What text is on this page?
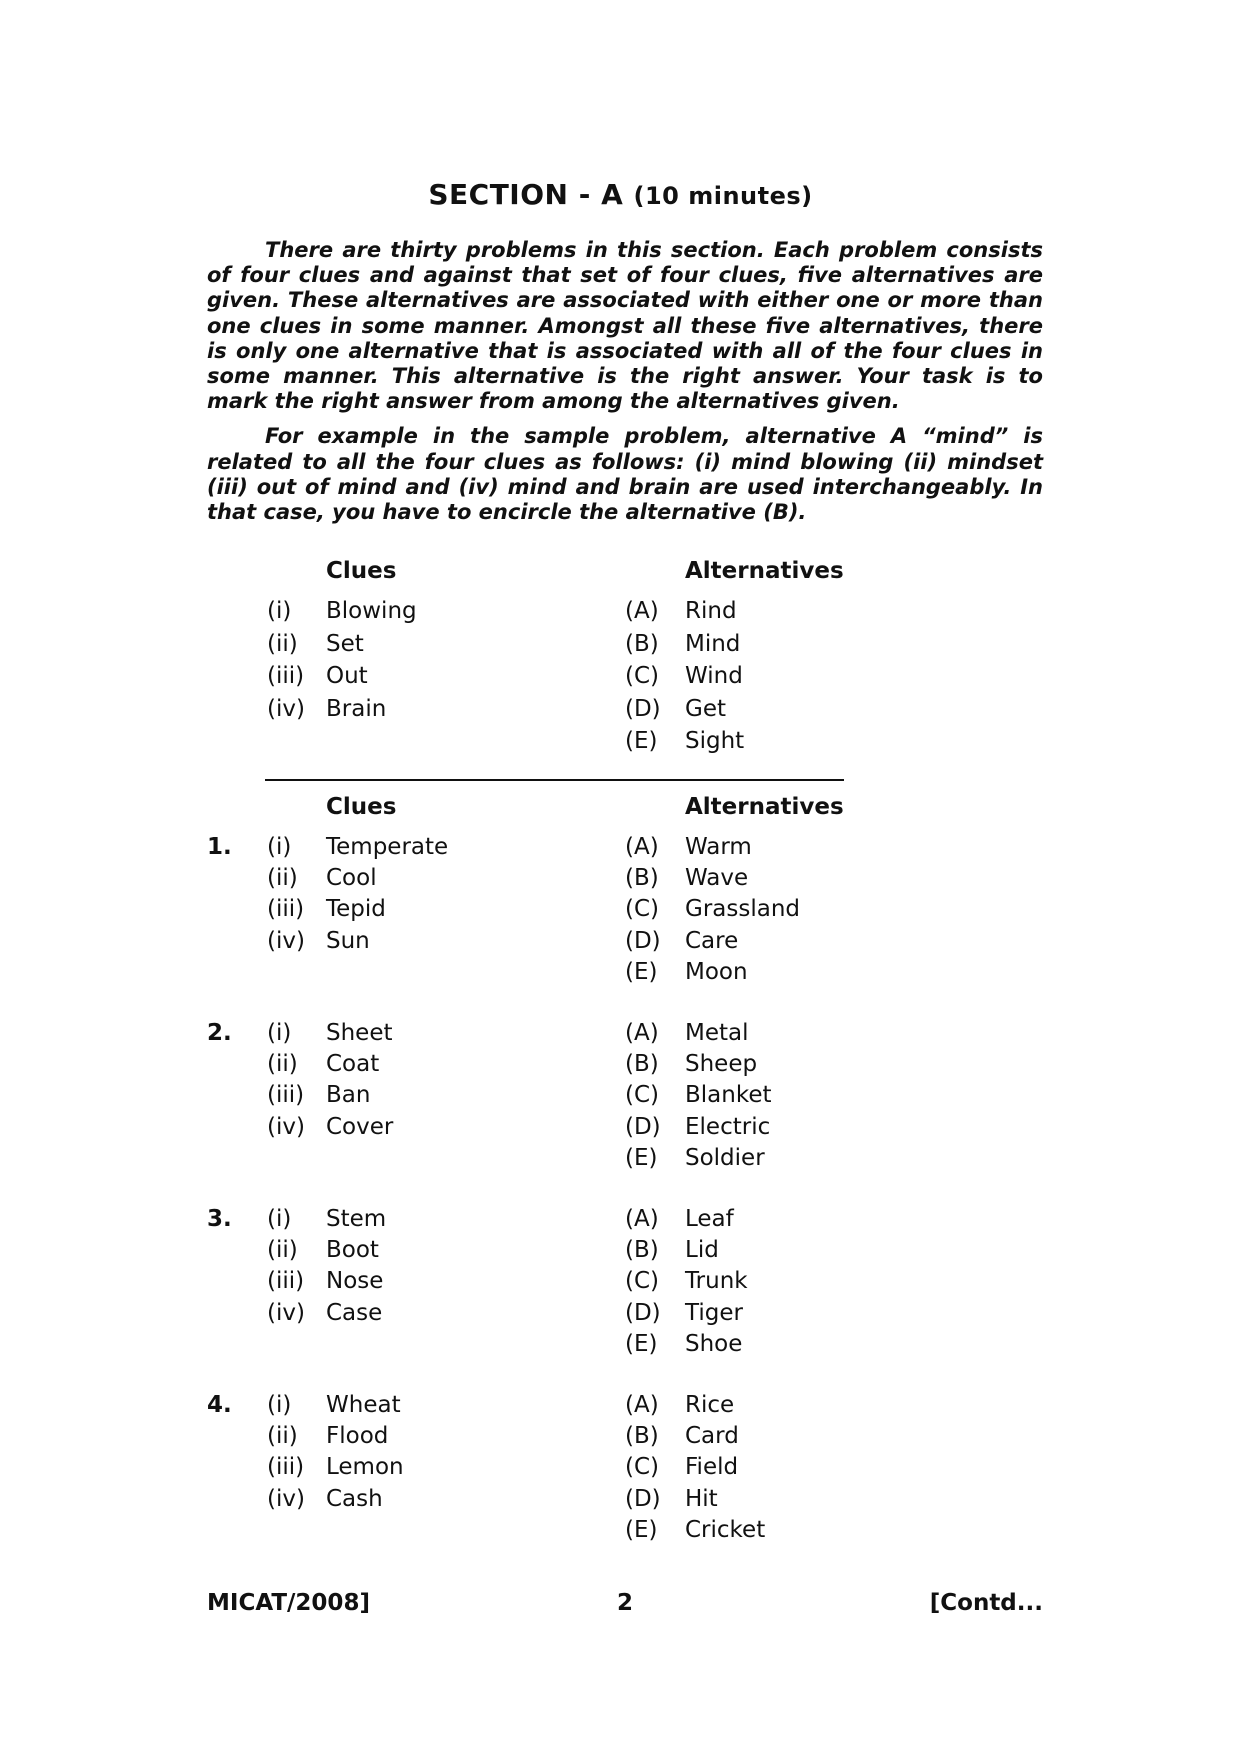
SECTION - A (10 minutes)

There are thirty problems in this section. Each problem consists of four clues and against that set of four clues, five alternatives are given. These alternatives are associated with either one or more than one clues in some manner. Amongst all these five alternatives, there is only one alternative that is associated with all of the four clues in some manner. This alternative is the right answer. Your task is to mark the right answer from among the alternatives given.

For example in the sample problem, alternative A “mind” is related to all the four clues as follows: (i) mind blowing (ii) mindset (iii) out of mind and (iv) mind and brain are used interchangeably. In that case, you have to encircle the alternative (B).

Clues	Alternatives
(i) Blowing	(A) Rind
(ii) Set	(B) Mind
(iii) Out	(C) Wind
(iv) Brain	(D) Get
(E) Sight
Clues	Alternatives
1. (i) Temperate	(A) Warm
(ii) Cool	(B) Wave
(iii) Tepid	(C) Grassland
(iv) Sun	(D) Care
(E) Moon
2. (i) Sheet	(A) Metal
(ii) Coat	(B) Sheep
(iii) Ban	(C) Blanket
(iv) Cover	(D) Electric
(E) Soldier
3. (i) Stem	(A) Leaf
(ii) Boot	(B) Lid
(iii) Nose	(C) Trunk
(iv) Case	(D) Tiger
(E) Shoe
4. (i) Wheat	(A) Rice
(ii) Flood	(B) Card
(iii) Lemon	(C) Field
(iv) Cash	(D) Hit
(E) Cricket
MICAT/2008]	2	[Contd...
